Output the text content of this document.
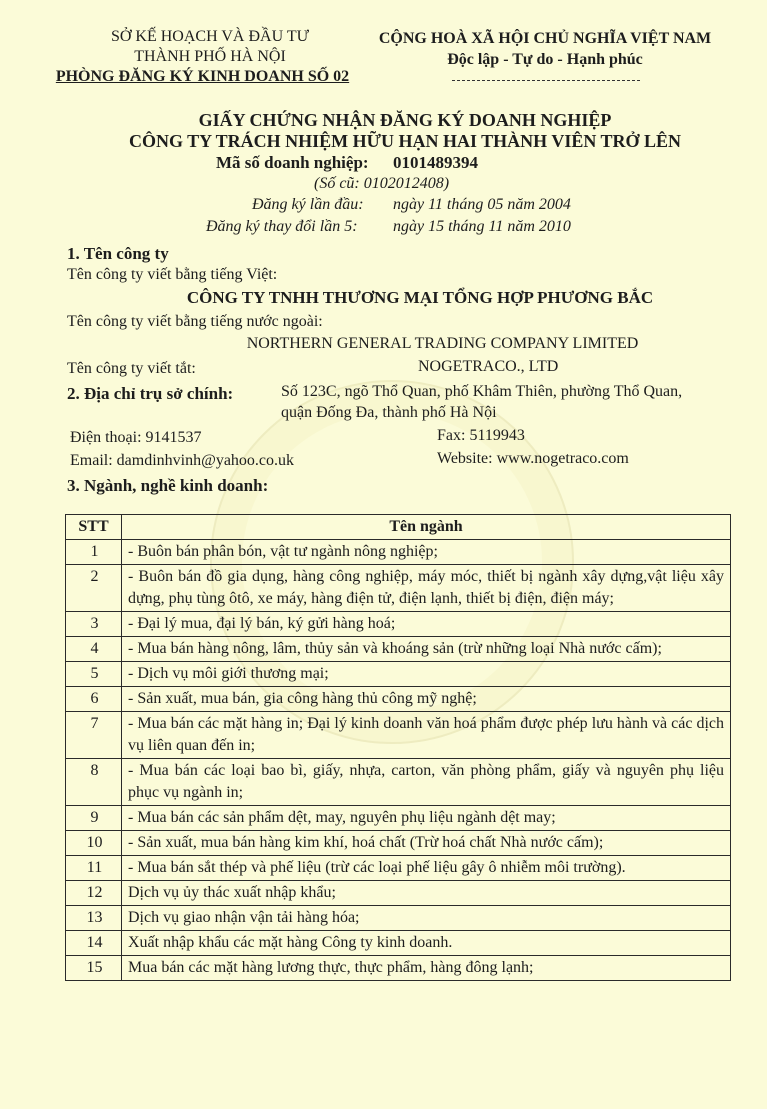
SỞ KẾ HOẠCH VÀ ĐẦU TƯ
THÀNH PHỐ HÀ NỘI
PHÒNG ĐĂNG KÝ KINH DOANH SỐ 02
CỘNG HOÀ XÃ HỘI CHỦ NGHĨA VIỆT NAM
Độc lập - Tự do - Hạnh phúc
GIẤY CHỨNG NHẬN ĐĂNG KÝ DOANH NGHIỆP
CÔNG TY TRÁCH NHIỆM HỮU HẠN HAI THÀNH VIÊN TRỞ LÊN
Mã số doanh nghiệp: 0101489394
(Số cũ: 0102012408)
Đăng ký lần đầu: ngày 11 tháng 05 năm 2004
Đăng ký thay đổi lần 5: ngày 15 tháng 11 năm 2010
1. Tên công ty
Tên công ty viết bằng tiếng Việt:
CÔNG TY TNHH THƯƠNG MẠI TỔNG HỢP PHƯƠNG BẮC
Tên công ty viết bằng tiếng nước ngoài:
NORTHERN GENERAL TRADING COMPANY LIMITED
Tên công ty viết tắt:	NOGETRACO., LTD
2. Địa chỉ trụ sở chính:	Số 123C, ngõ Thổ Quan, phố Khâm Thiên, phường Thổ Quan,
quận Đống Đa, thành phố Hà Nội
Điện thoại: 9141537	Fax: 5119943
Email: damdinhvinh@yahoo.co.uk	Website: www.nogetraco.com
3. Ngành, nghề kinh doanh:
STT	Tên ngành
1	- Buôn bán phân bón, vật tư ngành nông nghiệp;
2	- Buôn bán đồ gia dụng, hàng công nghiệp, máy móc, thiết bị ngành xây dựng,vật liệu xây dựng, phụ tùng ôtô, xe máy, hàng điện tử, điện lạnh, thiết bị điện, điện máy;
3	- Đại lý mua, đại lý bán, ký gửi hàng hoá;
4	- Mua bán hàng nông, lâm, thủy sản và khoáng sản (trừ những loại Nhà nước cấm);
5	- Dịch vụ môi giới thương mại;
6	- Sản xuất, mua bán, gia công hàng thủ công mỹ nghệ;
7	- Mua bán các mặt hàng in; Đại lý kinh doanh văn hoá phẩm được phép lưu hành và các dịch vụ liên quan đến in;
8	- Mua bán các loại bao bì, giấy, nhựa, carton, văn phòng phẩm, giấy và nguyên phụ liệu phục vụ ngành in;
9	- Mua bán các sản phẩm dệt, may, nguyên phụ liệu ngành dệt may;
10	- Sản xuất, mua bán hàng kim khí, hoá chất (Trừ hoá chất Nhà nước cấm);
11	- Mua bán sắt thép và phế liệu (trừ các loại phế liệu gây ô nhiễm môi trường).
12	Dịch vụ ủy thác xuất nhập khẩu;
13	Dịch vụ giao nhận vận tải hàng hóa;
14	Xuất nhập khẩu các mặt hàng Công ty kinh doanh.
15	Mua bán các mặt hàng lương thực, thực phẩm, hàng đông lạnh;
